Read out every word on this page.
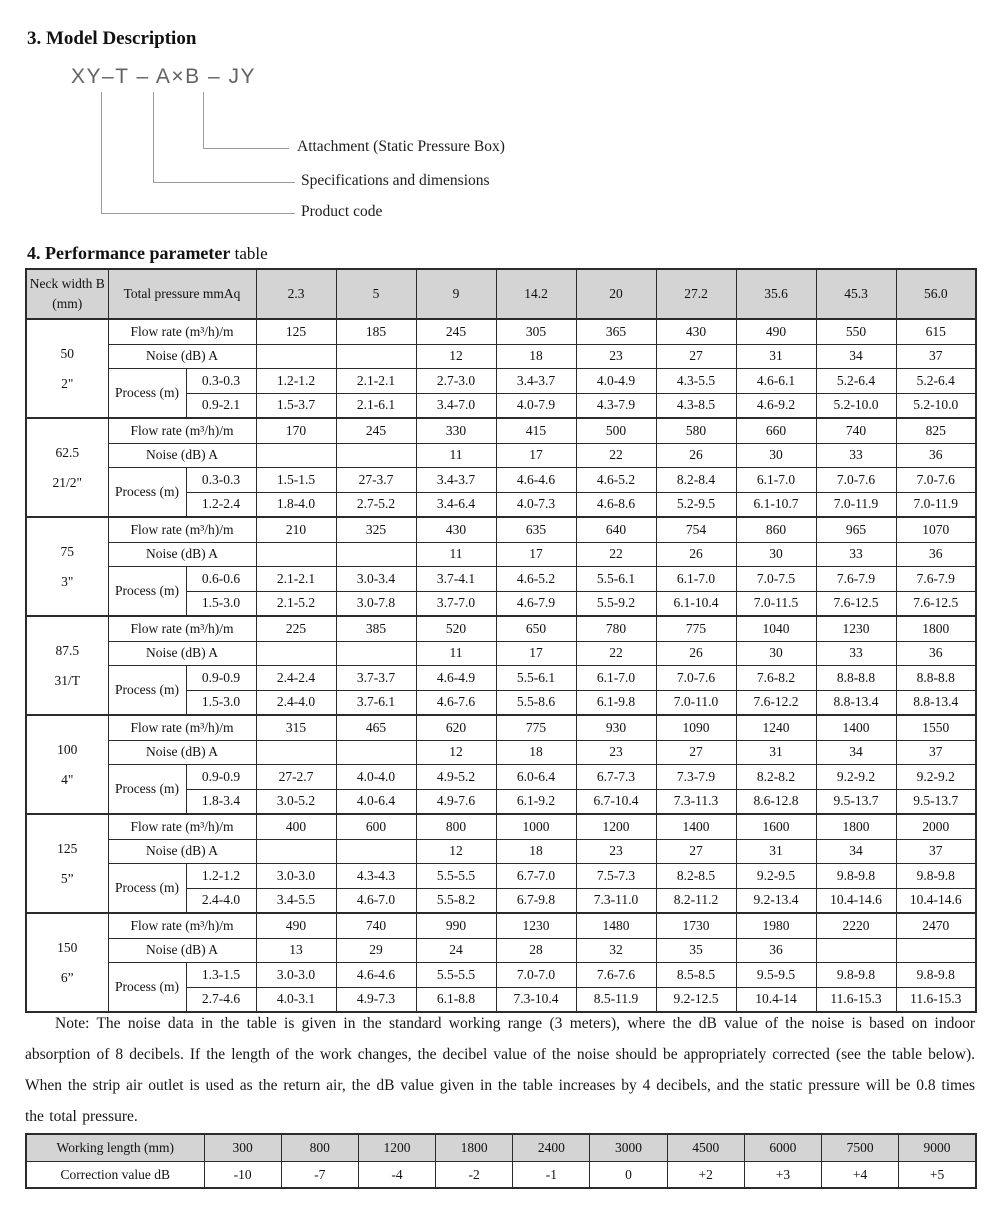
3. Model Description
XY–T – A×B – JY
Attachment (Static Pressure Box)
Specifications and dimensions
Product code
4. Performance parameter table
Neck width B
(mm)	Total pressure mmAq		2.3	5	9	14.2	20	27.2	35.6	45.3	56.0

50
2"	Flow rate (m³/h)/m		125	185	245	305	365	430	490	550	615
	Noise (dB) A				12	18	23	27	31	34	37
	Process (m)	0.3-0.3	1.2-1.2	2.1-2.1	2.7-3.0	3.4-3.7	4.0-4.9	4.3-5.5	4.6-6.1	5.2-6.4	5.2-6.4
		0.9-2.1	1.5-3.7	2.1-6.1	3.4-7.0	4.0-7.9	4.3-7.9	4.3-8.5	4.6-9.2	5.2-10.0	5.2-10.0

62.5
21/2"	Flow rate (m³/h)/m		170	245	330	415	500	580	660	740	825
	Noise (dB) A				11	17	22	26	30	33	36
	Process (m)	0.3-0.3	1.5-1.5	27-3.7	3.4-3.7	4.6-4.6	4.6-5.2	8.2-8.4	6.1-7.0	7.0-7.6	7.0-7.6
		1.2-2.4	1.8-4.0	2.7-5.2	3.4-6.4	4.0-7.3	4.6-8.6	5.2-9.5	6.1-10.7	7.0-11.9	7.0-11.9

75
3"	Flow rate (m³/h)/m		210	325	430	635	640	754	860	965	1070
	Noise (dB) A				11	17	22	26	30	33	36
	Process (m)	0.6-0.6	2.1-2.1	3.0-3.4	3.7-4.1	4.6-5.2	5.5-6.1	6.1-7.0	7.0-7.5	7.6-7.9	7.6-7.9
		1.5-3.0	2.1-5.2	3.0-7.8	3.7-7.0	4.6-7.9	5.5-9.2	6.1-10.4	7.0-11.5	7.6-12.5	7.6-12.5

87.5
31/T	Flow rate (m³/h)/m		225	385	520	650	780	775	1040	1230	1800
	Noise (dB) A				11	17	22	26	30	33	36
	Process (m)	0.9-0.9	2.4-2.4	3.7-3.7	4.6-4.9	5.5-6.1	6.1-7.0	7.0-7.6	7.6-8.2	8.8-8.8	8.8-8.8
		1.5-3.0	2.4-4.0	3.7-6.1	4.6-7.6	5.5-8.6	6.1-9.8	7.0-11.0	7.6-12.2	8.8-13.4	8.8-13.4

100
4"	Flow rate (m³/h)/m		315	465	620	775	930	1090	1240	1400	1550
	Noise (dB) A				12	18	23	27	31	34	37
	Process (m)	0.9-0.9	27-2.7	4.0-4.0	4.9-5.2	6.0-6.4	6.7-7.3	7.3-7.9	8.2-8.2	9.2-9.2	9.2-9.2
		1.8-3.4	3.0-5.2	4.0-6.4	4.9-7.6	6.1-9.2	6.7-10.4	7.3-11.3	8.6-12.8	9.5-13.7	9.5-13.7

125
5”	Flow rate (m³/h)/m		400	600	800	1000	1200	1400	1600	1800	2000
	Noise (dB) A				12	18	23	27	31	34	37
	Process (m)	1.2-1.2	3.0-3.0	4.3-4.3	5.5-5.5	6.7-7.0	7.5-7.3	8.2-8.5	9.2-9.5	9.8-9.8	9.8-9.8
		2.4-4.0	3.4-5.5	4.6-7.0	5.5-8.2	6.7-9.8	7.3-11.0	8.2-11.2	9.2-13.4	10.4-14.6	10.4-14.6

150
6”	Flow rate (m³/h)/m		490	740	990	1230	1480	1730	1980	2220	2470
	Noise (dB) A		13	29	24	28	32	35	36		
	Process (m)	1.3-1.5	3.0-3.0	4.6-4.6	5.5-5.5	7.0-7.0	7.6-7.6	8.5-8.5	9.5-9.5	9.8-9.8	9.8-9.8
		2.7-4.6	4.0-3.1	4.9-7.3	6.1-8.8	7.3-10.4	8.5-11.9	9.2-12.5	10.4-14	11.6-15.3	11.6-15.3

Note: The noise data in the table is given in the standard working range (3 meters), where the dB value of the noise is based on indoor absorption of 8 decibels. If the length of the work changes, the decibel value of the noise should be appropriately corrected (see the table below). When the strip air outlet is used as the return air, the dB value given in the table increases by 4 decibels, and the static pressure will be 0.8 times the total pressure.

Working length (mm)	300	800	1200	1800	2400	3000	4500	6000	7500	9000
Correction value dB	-10	-7	-4	-2	-1	0	+2	+3	+4	+5
